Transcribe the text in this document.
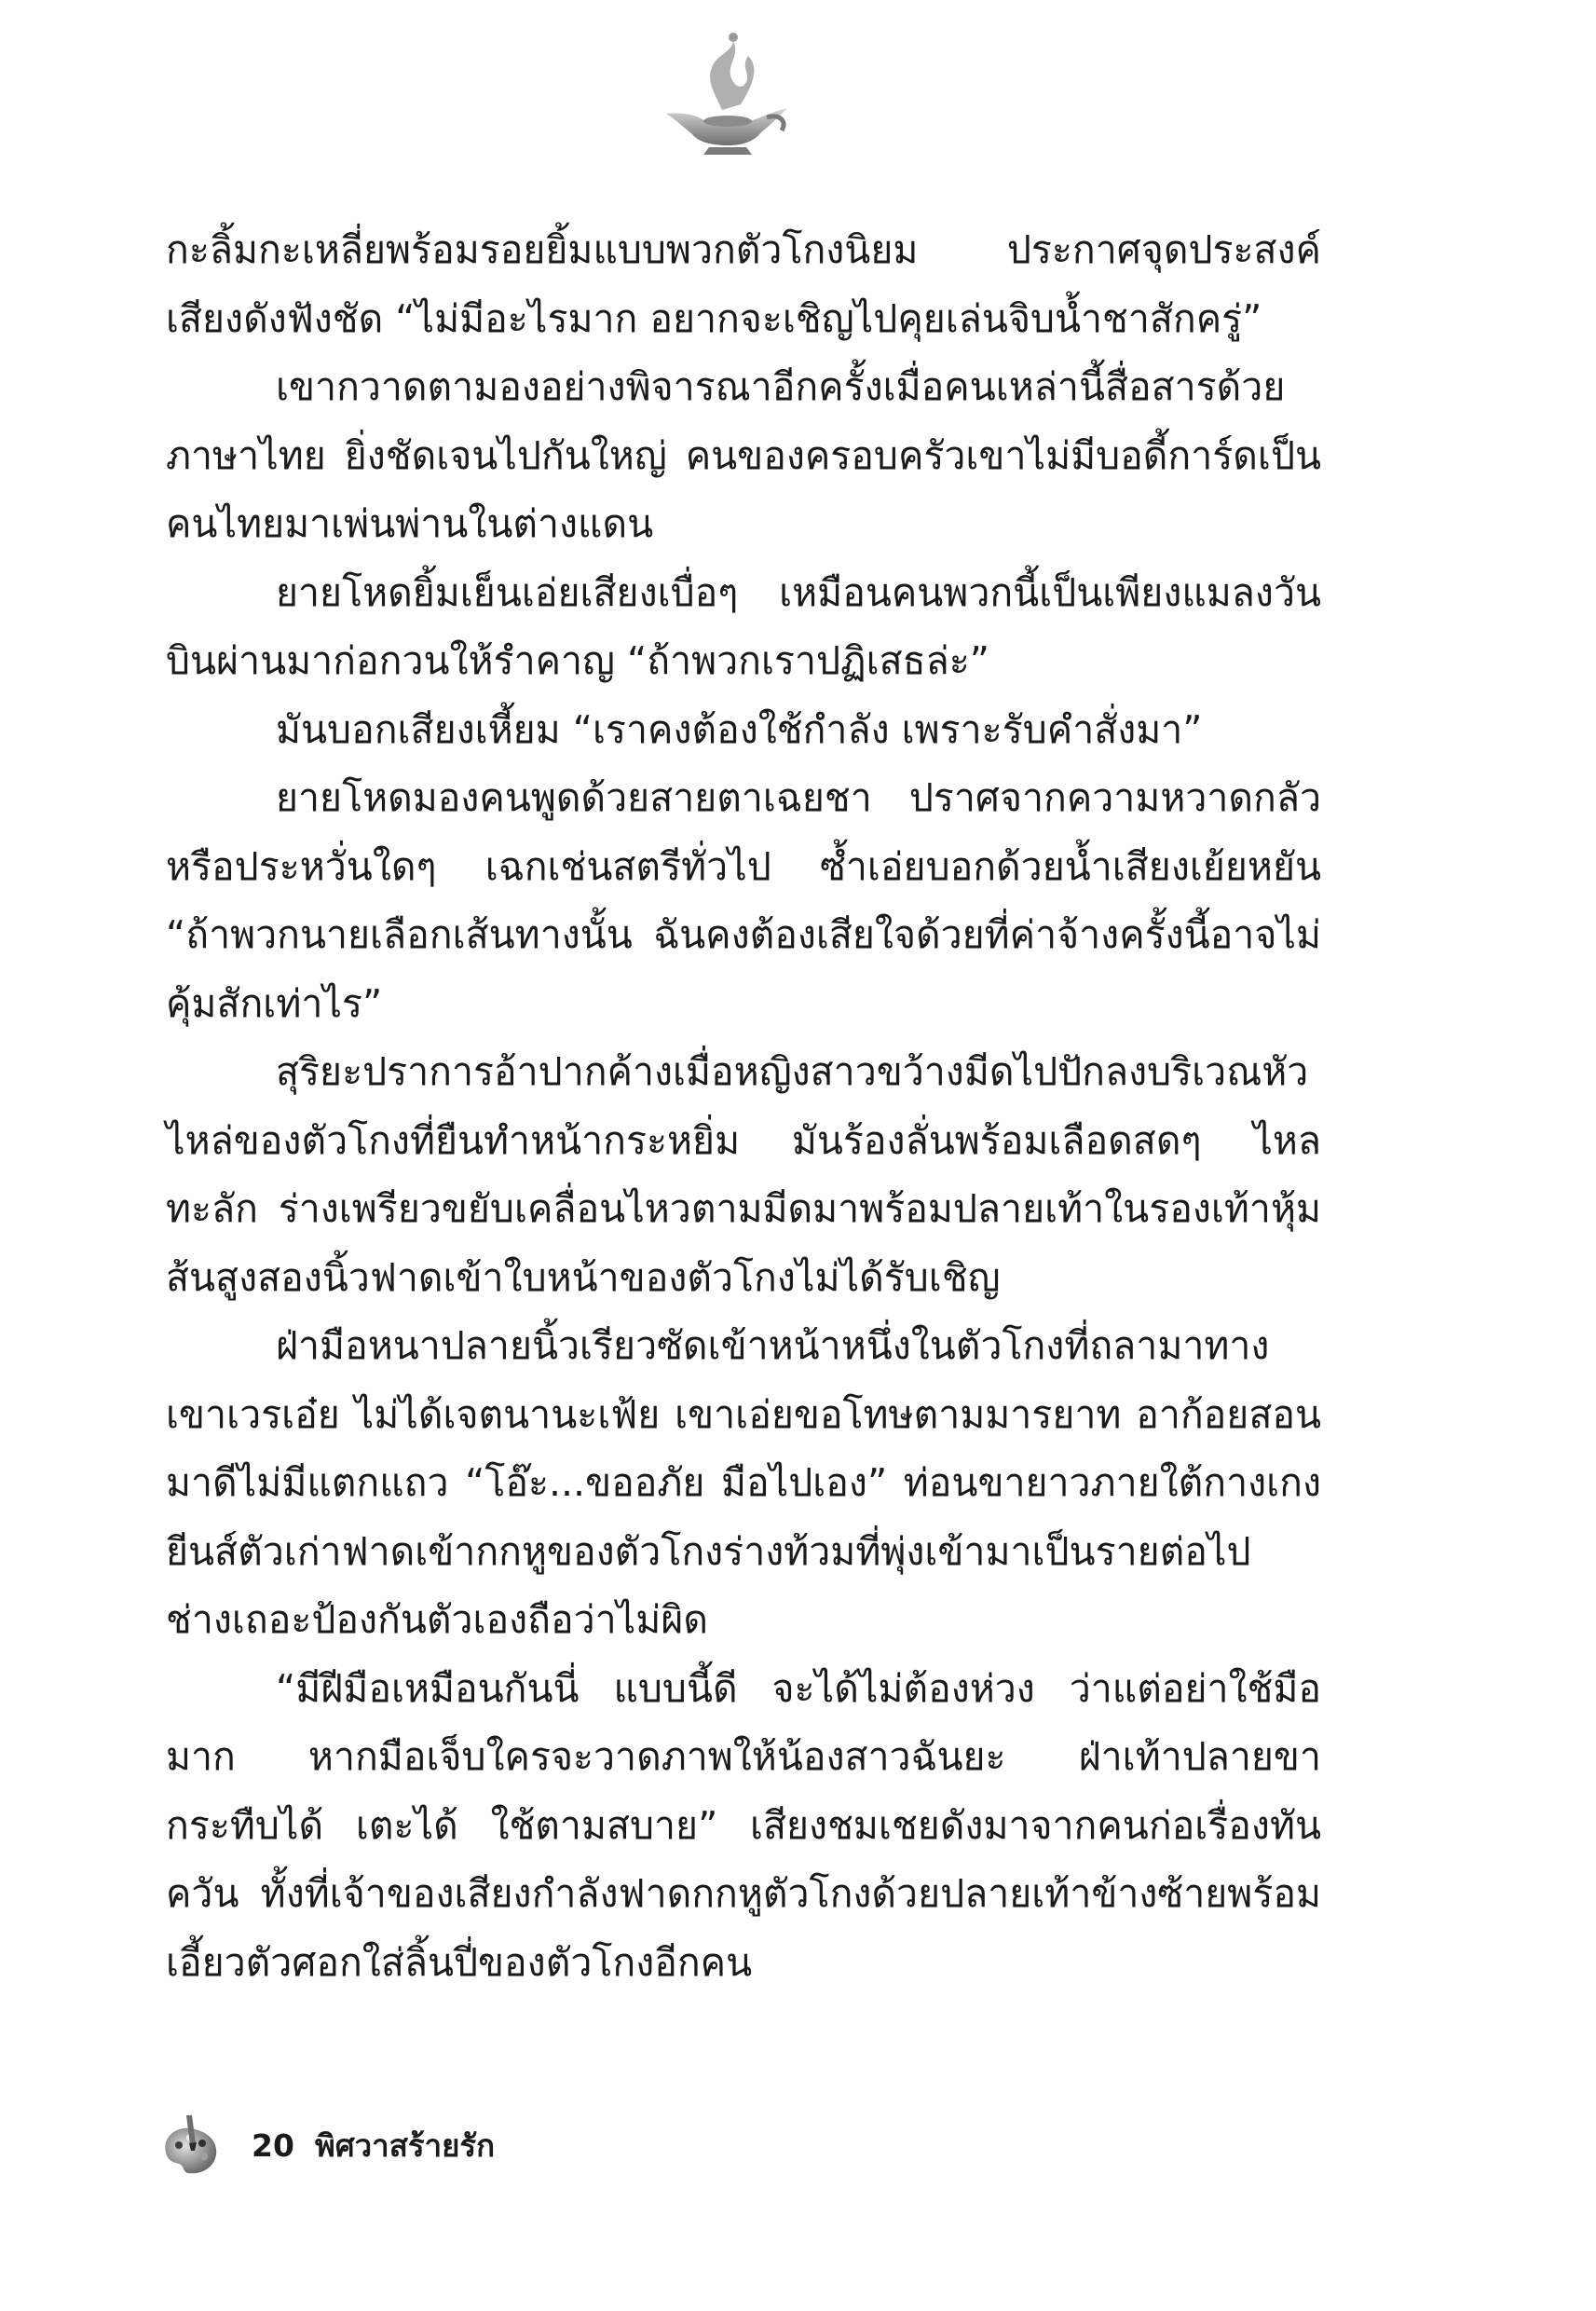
กะลิ้มกะเหลี่ยพร้อมรอยยิ้มแบบพวกตัวโกงนิยม ประกาศจุดประสงค์เสียงดังฟังชัด “ไม่มีอะไรมาก อยากจะเชิญไปคุยเล่นจิบน้ำชาสักครู่”

เขากวาดตามองอย่างพิจารณาอีกครั้งเมื่อคนเหล่านี้สื่อสารด้วยภาษาไทย ยิ่งชัดเจนไปกันใหญ่ คนของครอบครัวเขาไม่มีบอดี้การ์ดเป็นคนไทยมาเพ่นพ่านในต่างแดน

ยายโหดยิ้มเย็นเอ่ยเสียงเบื่อๆ เหมือนคนพวกนี้เป็นเพียงแมลงวันบินผ่านมาก่อกวนให้รำคาญ “ถ้าพวกเราปฏิเสธล่ะ”

มันบอกเสียงเหี้ยม “เราคงต้องใช้กำลัง เพราะรับคำสั่งมา”

ยายโหดมองคนพูดด้วยสายตาเฉยชา ปราศจากความหวาดกลัวหรือประหวั่นใดๆ เฉกเช่นสตรีทั่วไป ซ้ำเอ่ยบอกด้วยน้ำเสียงเย้ยหยัน “ถ้าพวกนายเลือกเส้นทางนั้น ฉันคงต้องเสียใจด้วยที่ค่าจ้างครั้งนี้อาจไม่คุ้มสักเท่าไร”

สุริยะปราการอ้าปากค้างเมื่อหญิงสาวขว้างมีดไปปักลงบริเวณหัวไหล่ของตัวโกงที่ยืนทำหน้ากระหยิ่ม มันร้องลั่นพร้อมเลือดสดๆ ไหลทะลัก ร่างเพรียวขยับเคลื่อนไหวตามมีดมาพร้อมปลายเท้าในรองเท้าหุ้มส้นสูงสองนิ้วฟาดเข้าใบหน้าของตัวโกงไม่ได้รับเชิญ

ฝ่ามือหนาปลายนิ้วเรียวซัดเข้าหน้าหนึ่งในตัวโกงที่ถลามาทางเขาเวรเอ๋ย ไม่ได้เจตนานะเฟ้ย เขาเอ่ยขอโทษตามมารยาท อาก้อยสอนมาดีไม่มีแตกแถว “โอ๊ะ...ขออภัย มือไปเอง” ท่อนขายาวภายใต้กางเกงยีนส์ตัวเก่าฟาดเข้ากกหูของตัวโกงร่างท้วมที่พุ่งเข้ามาเป็นรายต่อไป ช่างเถอะป้องกันตัวเองถือว่าไม่ผิด

“มีฝีมือเหมือนกันนี่ แบบนี้ดี จะได้ไม่ต้องห่วง ว่าแต่อย่าใช้มือมาก หากมือเจ็บใครจะวาดภาพให้น้องสาวฉันยะ ฝ่าเท้าปลายขา กระทืบได้ เตะได้ ใช้ตามสบาย” เสียงชมเชยดังมาจากคนก่อเรื่องทันควัน ทั้งที่เจ้าของเสียงกำลังฟาดกกหูตัวโกงด้วยปลายเท้าข้างซ้ายพร้อมเอี้ยวตัวศอกใส่ลิ้นปี่ของตัวโกงอีกคน

20 พิศวาสร้ายรัก
